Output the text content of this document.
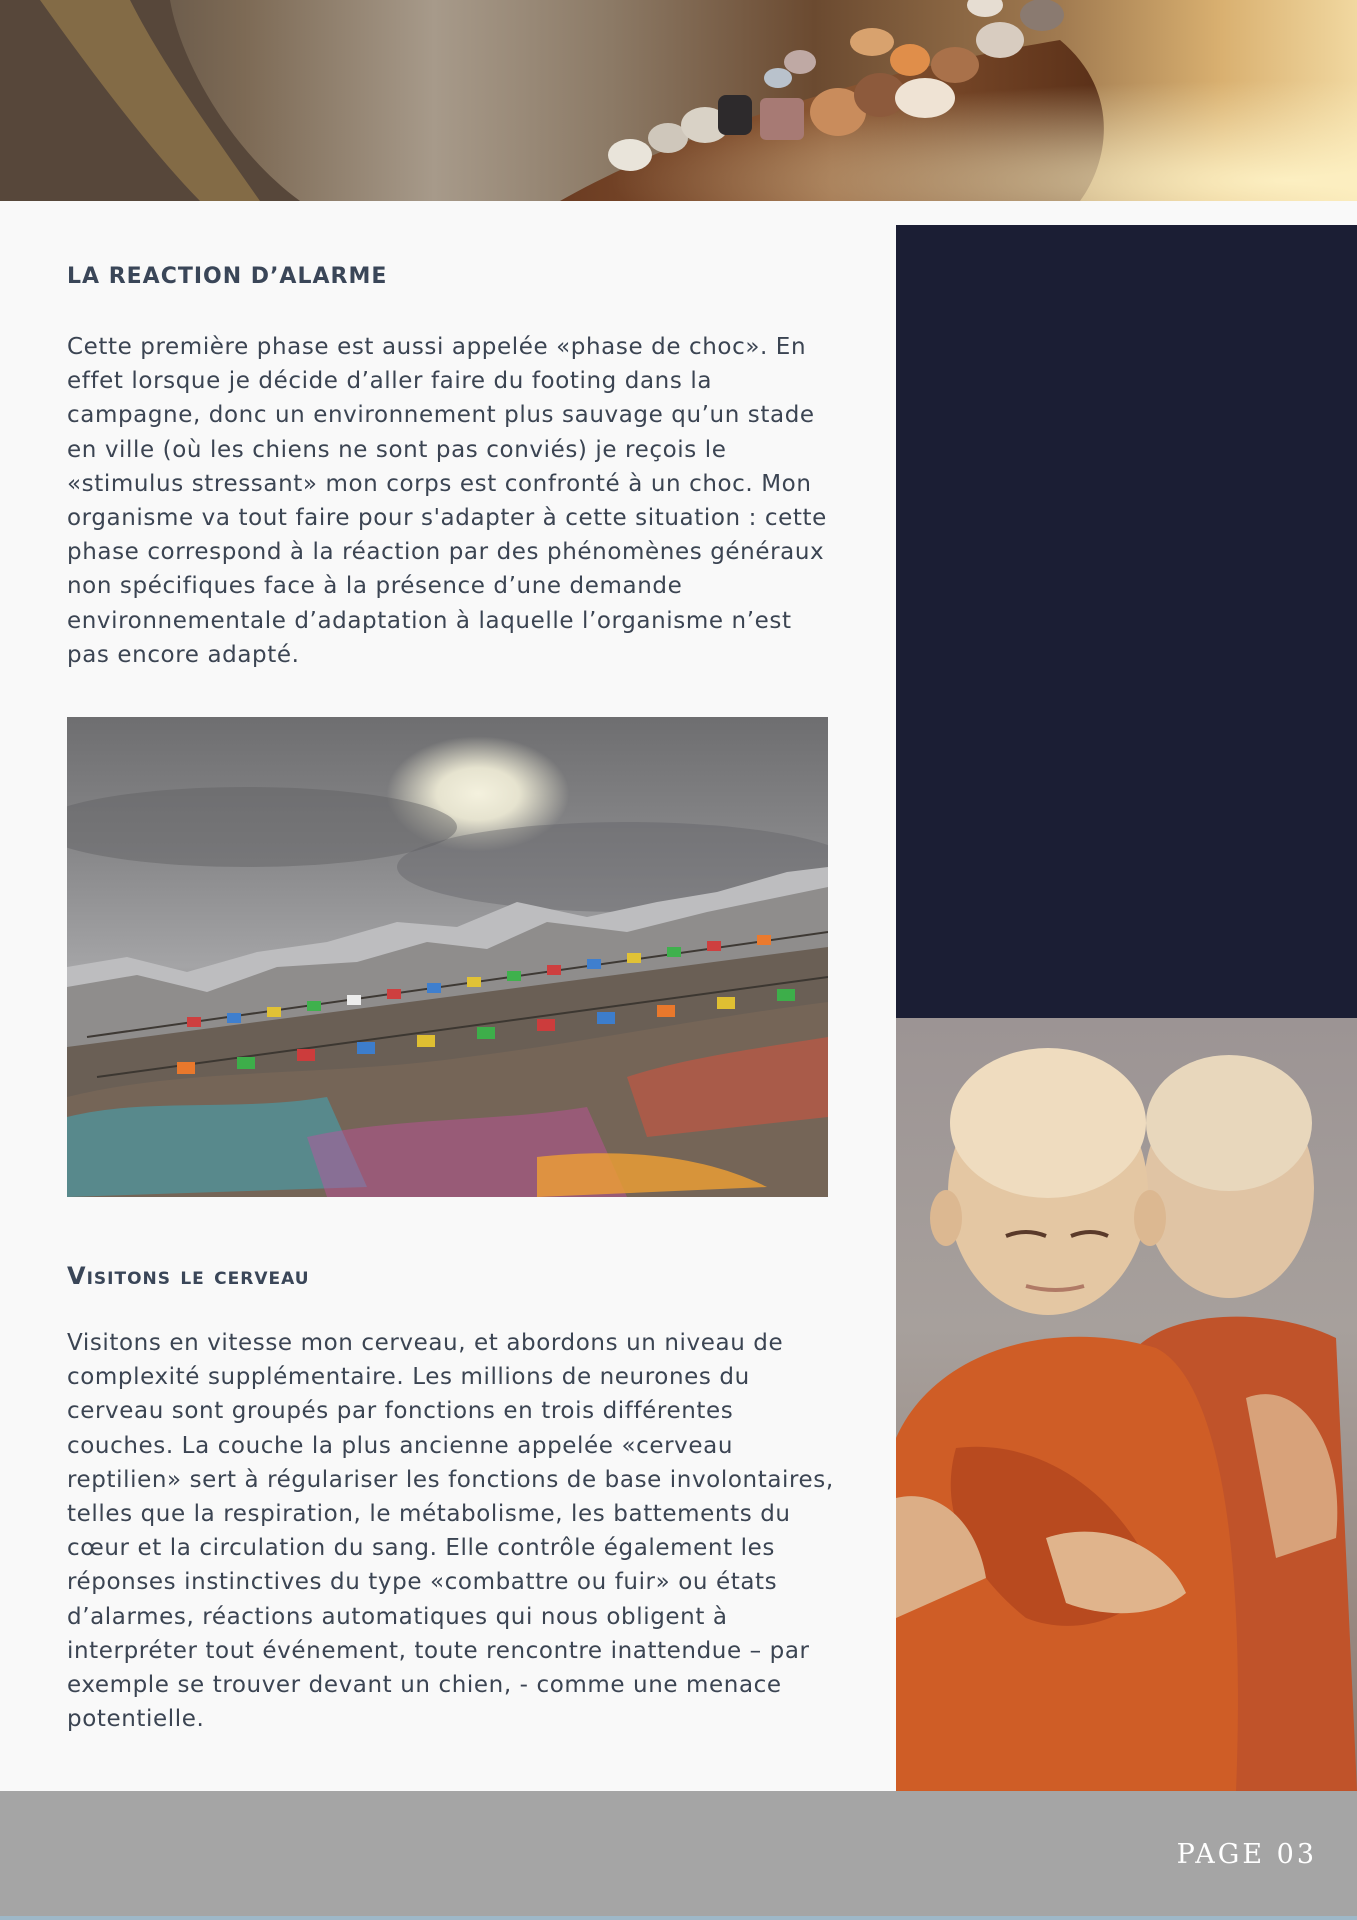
LA REACTION D’ALARME

Cette première phase est aussi appelée «phase de choc». En effet lorsque je décide d’aller faire du footing dans la campagne, donc un environnement plus sauvage qu’un stade en ville (où les chiens ne sont pas conviés) je reçois le «stimulus stressant» mon corps est confronté à un choc. Mon organisme va tout faire pour s'adapter à cette situation : cette phase correspond à la réaction par des phénomènes généraux non spécifiques face à la présence d’une demande environnementale d’adaptation à laquelle l’organisme n’est pas encore adapté.

Visitons le cerveau

Visitons en vitesse mon cerveau, et abordons un niveau de complexité supplémentaire. Les millions de neurones du cerveau sont groupés par fonctions en trois différentes couches. La couche la plus ancienne appelée «cerveau reptilien» sert à régulariser les fonctions de base involontaires, telles que la respiration, le métabolisme, les battements du cœur et la circulation du sang. Elle contrôle également les réponses instinctives du type «combattre ou fuir» ou états d’alarmes, réactions automatiques qui nous obligent à interpréter tout événement, toute rencontre inattendue – par exemple se trouver devant un chien, - comme une menace potentielle.

PAGE 03
